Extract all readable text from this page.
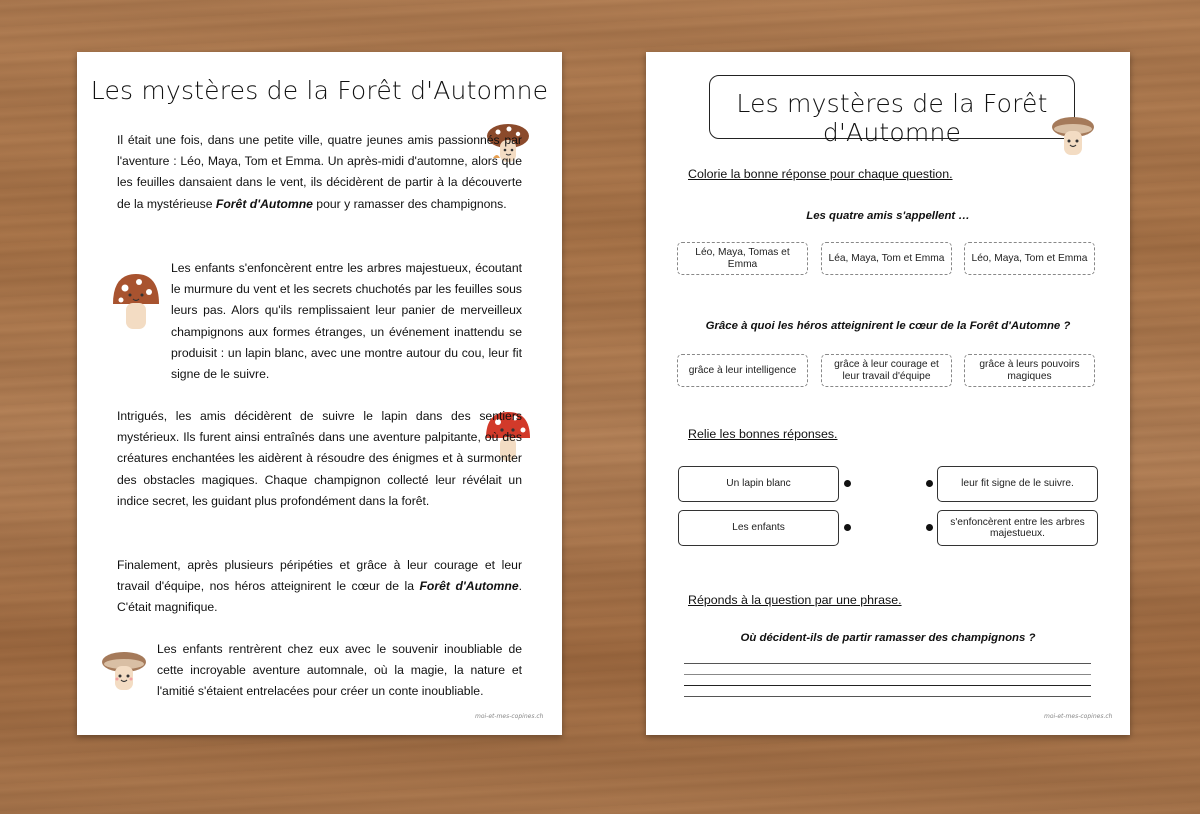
Les mystères de la Forêt d'Automne
Il était une fois, dans une petite ville, quatre jeunes amis passionnés par l'aventure : Léo, Maya, Tom et Emma. Un après-midi d'automne, alors que les feuilles dansaient dans le vent, ils décidèrent de partir à la découverte de la mystérieuse Forêt d'Automne pour y ramasser des champignons.
Les enfants s'enfoncèrent entre les arbres majestueux, écoutant le murmure du vent et les secrets chuchotés par les feuilles sous leurs pas. Alors qu'ils remplissaient leur panier de merveilleux champignons aux formes étranges, un événement inattendu se produisit : un lapin blanc, avec une montre autour du cou, leur fit signe de le suivre.
Intrigués, les amis décidèrent de suivre le lapin dans des sentiers mystérieux. Ils furent ainsi entraînés dans une aventure palpitante, où des créatures enchantées les aidèrent à résoudre des énigmes et à surmonter des obstacles magiques. Chaque champignon collecté leur révélait un indice secret, les guidant plus profondément dans la forêt.
Finalement, après plusieurs péripéties et grâce à leur courage et leur travail d'équipe, nos héros atteignirent le cœur de la Forêt d'Automne. C'était magnifique.
Les enfants rentrèrent chez eux avec le souvenir inoubliable de cette incroyable aventure automnale, où la magie, la nature et l'amitié s'étaient entrelacées pour créer un conte inoubliable.
moi-et-mes-copines.ch
Les mystères de la Forêt d'Automne
Colorie la bonne réponse pour chaque question.
Les quatre amis s'appellent …
Léo, Maya, Tomas et Emma
Léa, Maya, Tom et Emma	Léo, Maya, Tom et Emma
Grâce à quoi les héros atteignirent le cœur de la Forêt d'Automne ?
grâce à leur intelligence
grâce à leur courage et leur travail d'équipe
grâce à leurs pouvoirs magiques
Relie les bonnes réponses.
Un lapin blanc
Les enfants
leur fit signe de le suivre.
s'enfoncèrent entre les arbres majestueux.
Réponds à la question par une phrase.
Où décident-ils de partir ramasser des champignons ?
moi-et-mes-copines.ch
